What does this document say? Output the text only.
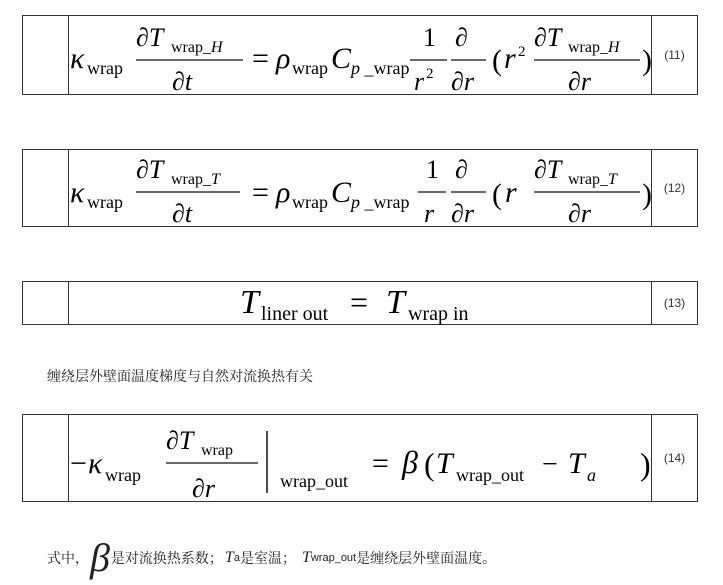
κ wrap
∂T wrap_H
∂t
= ρ wrap C p _wrap
1
r 2
∂
∂r
( r 2 ∂T wrap_H
∂r
)	(11)
κ wrap
∂T wrap_T
∂t
= ρ wrap C p _wrap
1
r
∂
∂r
( r
∂T wrap_T
∂r
) (12)
T liner out = T wrap in	(13)
缠绕层外壁面温度梯度与自然对流换热有关
− κ wrap
∂T wrap
∂r	wrap_out
= β ( T wrap_out − T a )	(14)
式中， β 是对流换热系数； T a 是室温； T wrap_out 是缠绕层外壁面温度。
